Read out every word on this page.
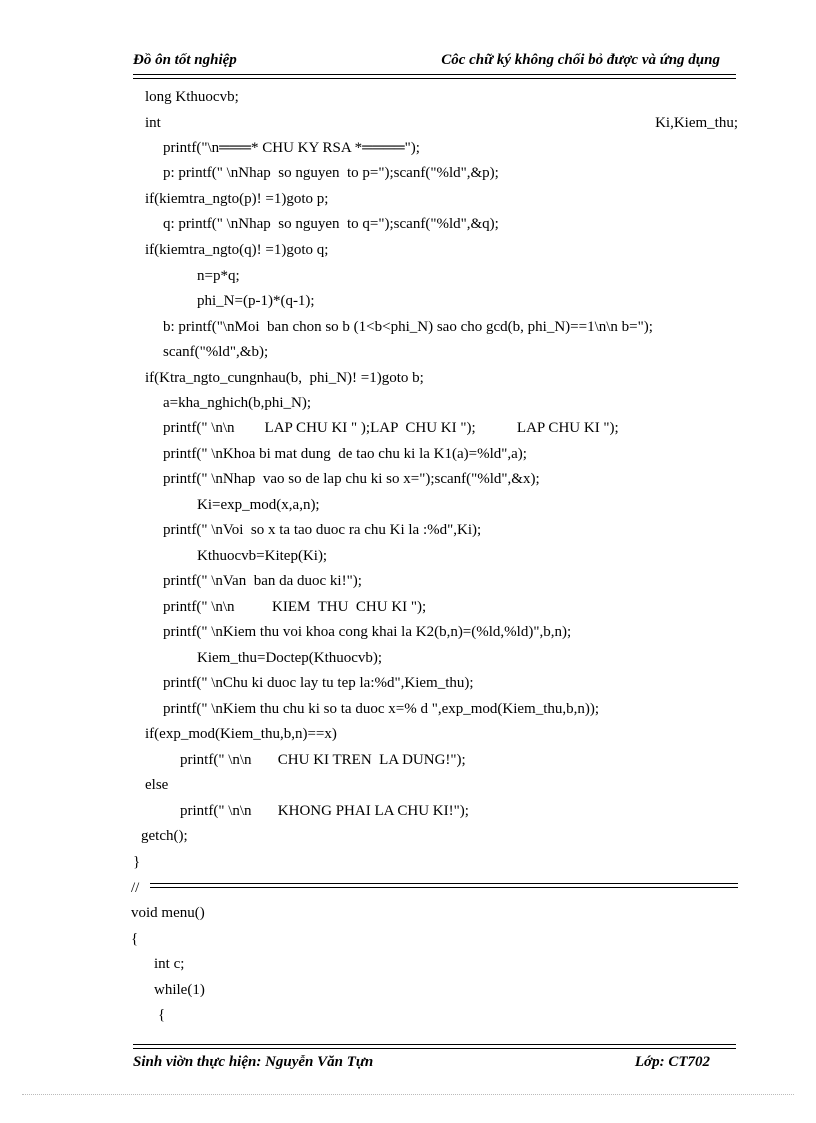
Đồ ôn tốt nghiệp	Côc chữ ký không chối bỏ được và ứng dụng
long Kthuocvb;
int	Ki,Kiem_thu;
printf("\n═══* CHU KY RSA *════");
p: printf(" \nNhap  so nguyen  to p=");scanf("%ld",&p);
if(kiemtra_ngto(p)! =1)goto p;
q: printf(" \nNhap  so nguyen  to q=");scanf("%ld",&q);
if(kiemtra_ngto(q)! =1)goto q;
n=p*q;
phi_N=(p-1)*(q-1);
b: printf("\nMoi  ban chon so b (1<b<phi_N) sao cho gcd(b, phi_N)==1\n\n b=");
scanf("%ld",&b);
if(Ktra_ngto_cungnhau(b,  phi_N)! =1)goto b;
a=kha_nghich(b,phi_N);
printf(" \n\n        LAP CHU KI " );LAP  CHU KI ");           LAP CHU KI ");
printf(" \nKhoa bi mat dung  de tao chu ki la K1(a)=%ld",a);
printf(" \nNhap  vao so de lap chu ki so x=");scanf("%ld",&x);
Ki=exp_mod(x,a,n);
printf(" \nVoi  so x ta tao duoc ra chu Ki la :%d",Ki);
Kthuocvb=Kitep(Ki);
printf(" \nVan  ban da duoc ki!");
printf(" \n\n          KIEM  THU  CHU KI ");
printf(" \nKiem thu voi khoa cong khai la K2(b,n)=(%ld,%ld)",b,n);
Kiem_thu=Doctep(Kthuocvb);
printf(" \nChu ki duoc lay tu tep la:%d",Kiem_thu);
printf(" \nKiem thu chu ki so ta duoc x=% d ",exp_mod(Kiem_thu,b,n));
if(exp_mod(Kiem_thu,b,n)==x)
printf(" \n\n       CHU KI TREN  LA DUNG!");
else
printf(" \n\n       KHONG PHAI LA CHU KI!");
getch();
}
//
void menu()
{
int c;
while(1)
{
Sinh viờn thực hiện: Nguyễn Văn Tựn	Lớp: CT702
